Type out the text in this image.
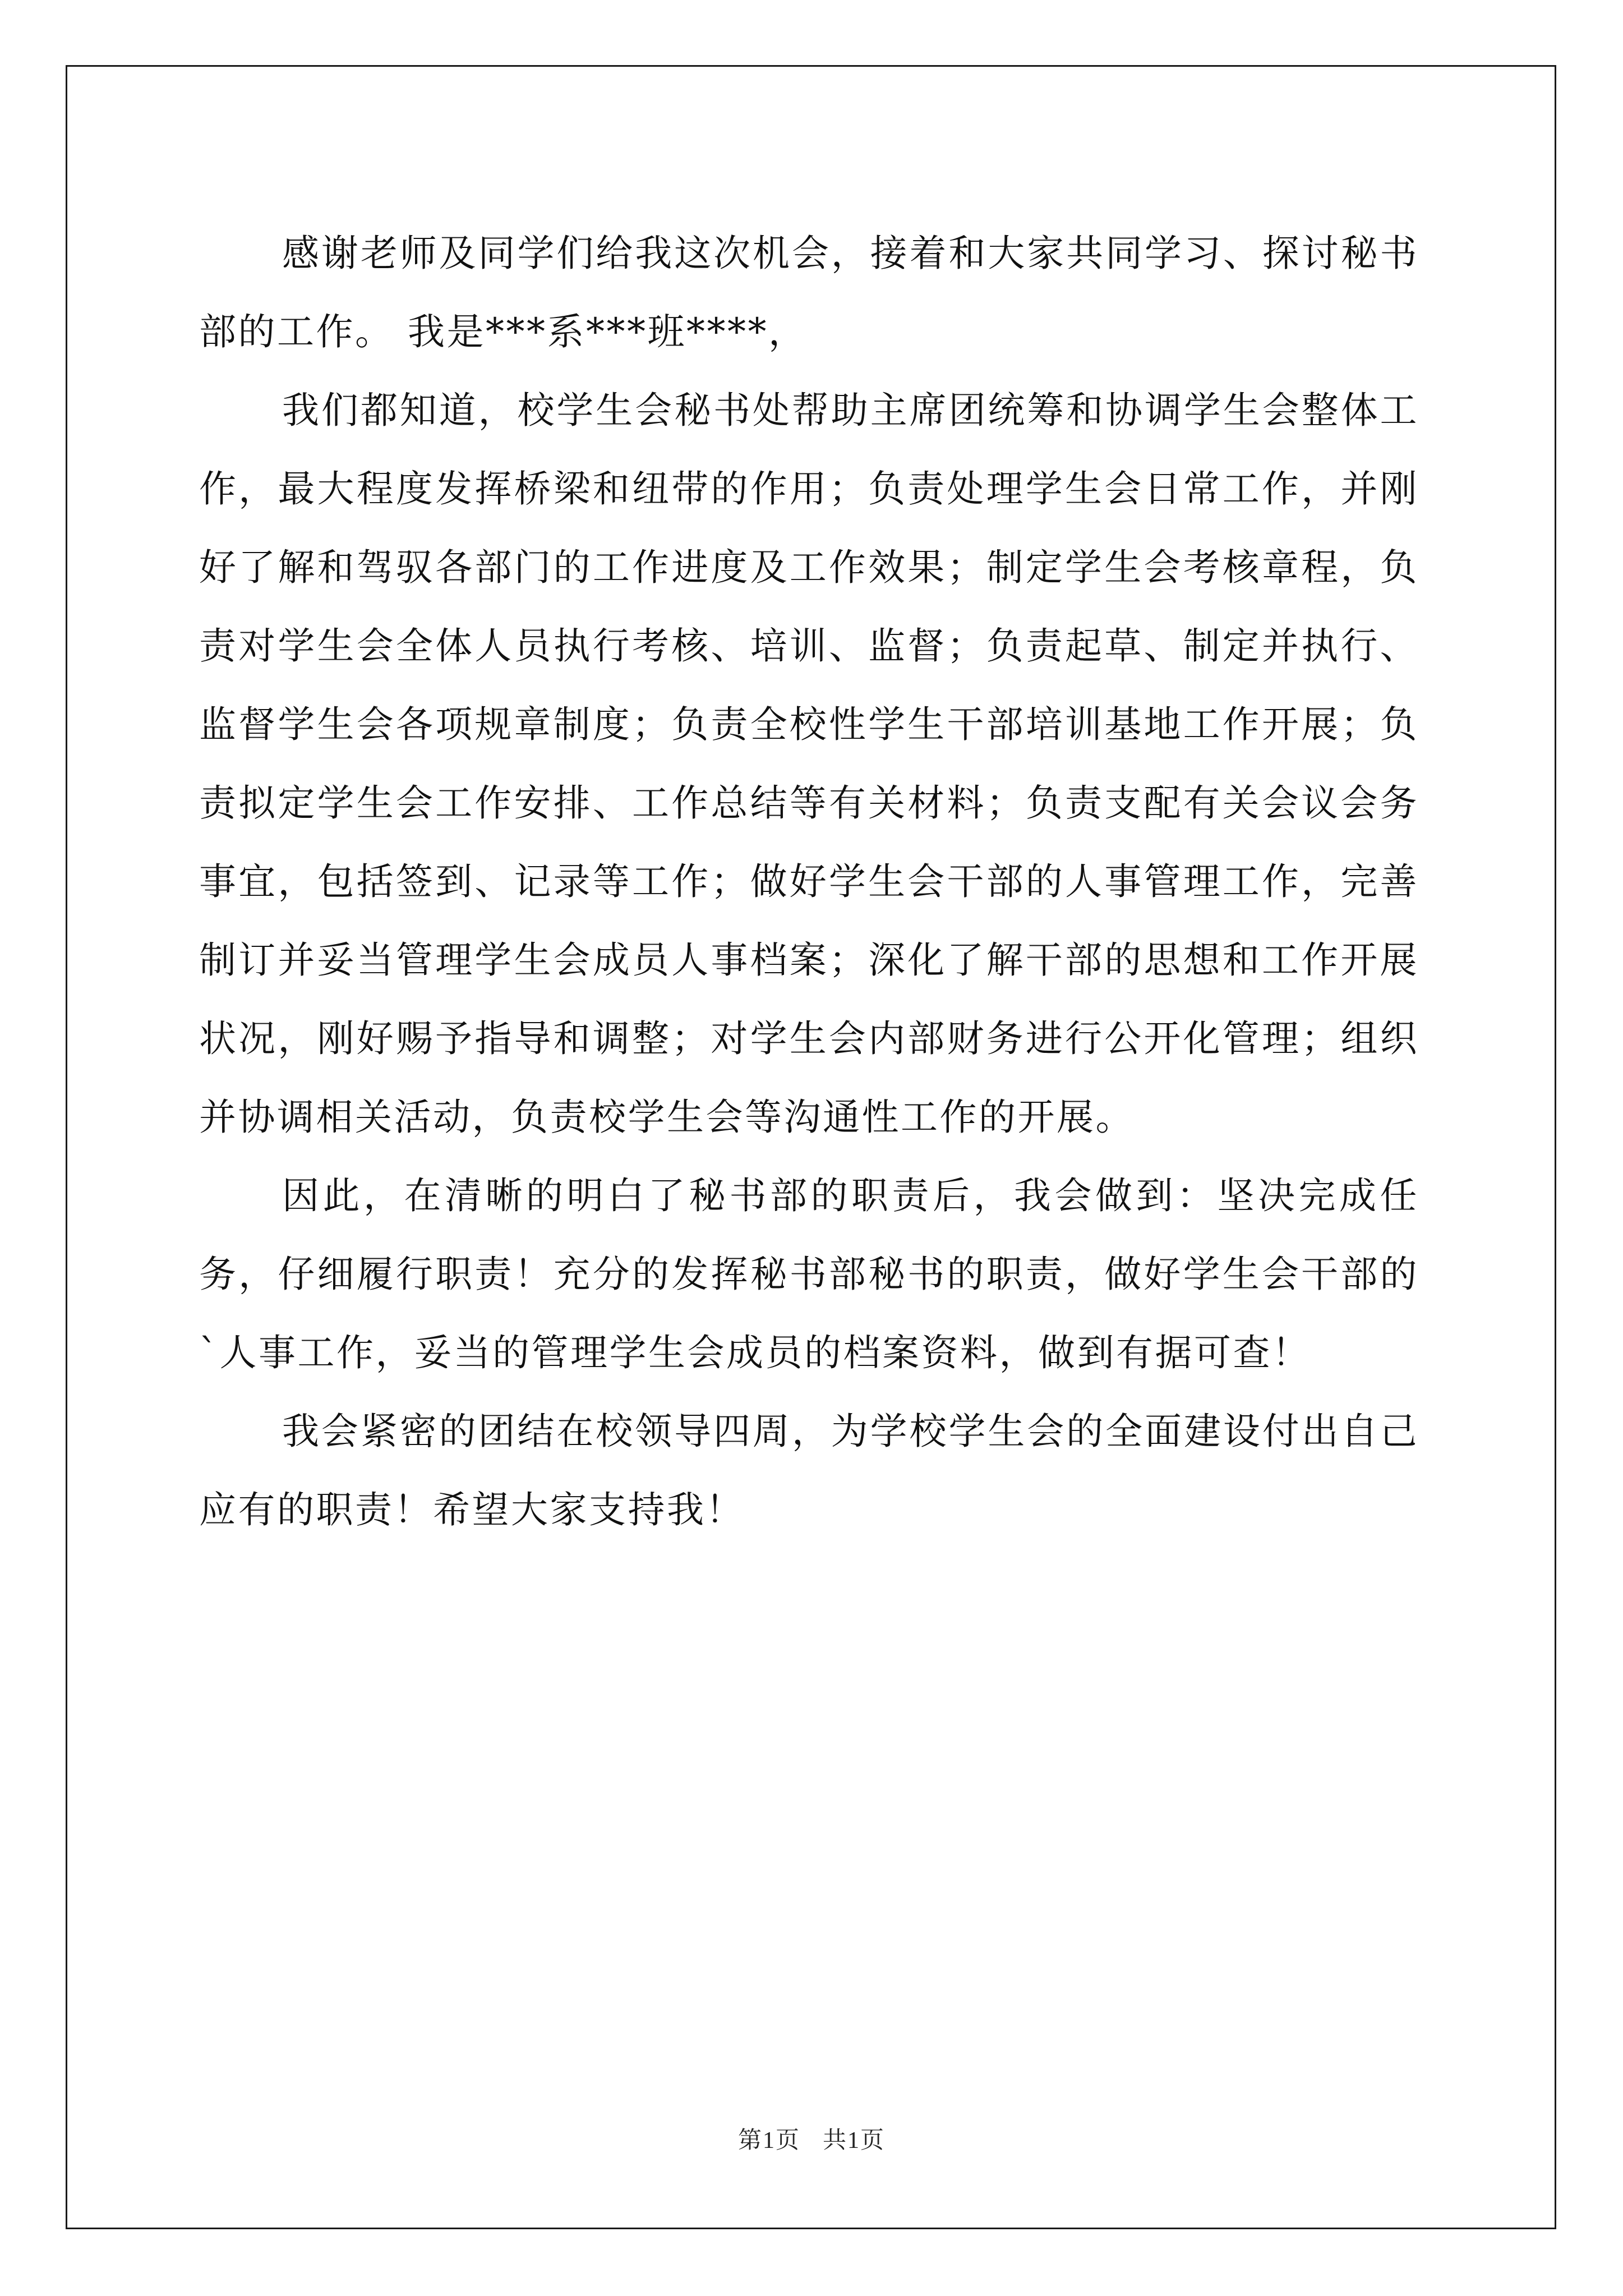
感谢老师及同学们给我这次机会，接着和大家共同学习、探讨秘书部的工作。 我是***系***班****，

我们都知道，校学生会秘书处帮助主席团统筹和协调学生会整体工作，最大程度发挥桥梁和纽带的作用；负责处理学生会日常工作，并刚好了解和驾驭各部门的工作进度及工作效果；制定学生会考核章程，负责对学生会全体人员执行考核、培训、监督；负责起草、制定并执行、监督学生会各项规章制度；负责全校性学生干部培训基地工作开展；负责拟定学生会工作安排、工作总结等有关材料；负责支配有关会议会务事宜，包括签到、记录等工作；做好学生会干部的人事管理工作，完善制订并妥当管理学生会成员人事档案；深化了解干部的思想和工作开展状况，刚好赐予指导和调整；对学生会内部财务进行公开化管理；组织并协调相关活动，负责校学生会等沟通性工作的开展。

因此，在清晰的明白了秘书部的职责后，我会做到：坚决完成任务，仔细履行职责！充分的发挥秘书部秘书的职责，做好学生会干部的`人事工作，妥当的管理学生会成员的档案资料，做到有据可查！

我会紧密的团结在校领导四周，为学校学生会的全面建设付出自己应有的职责！希望大家支持我！

第1页 共1页
